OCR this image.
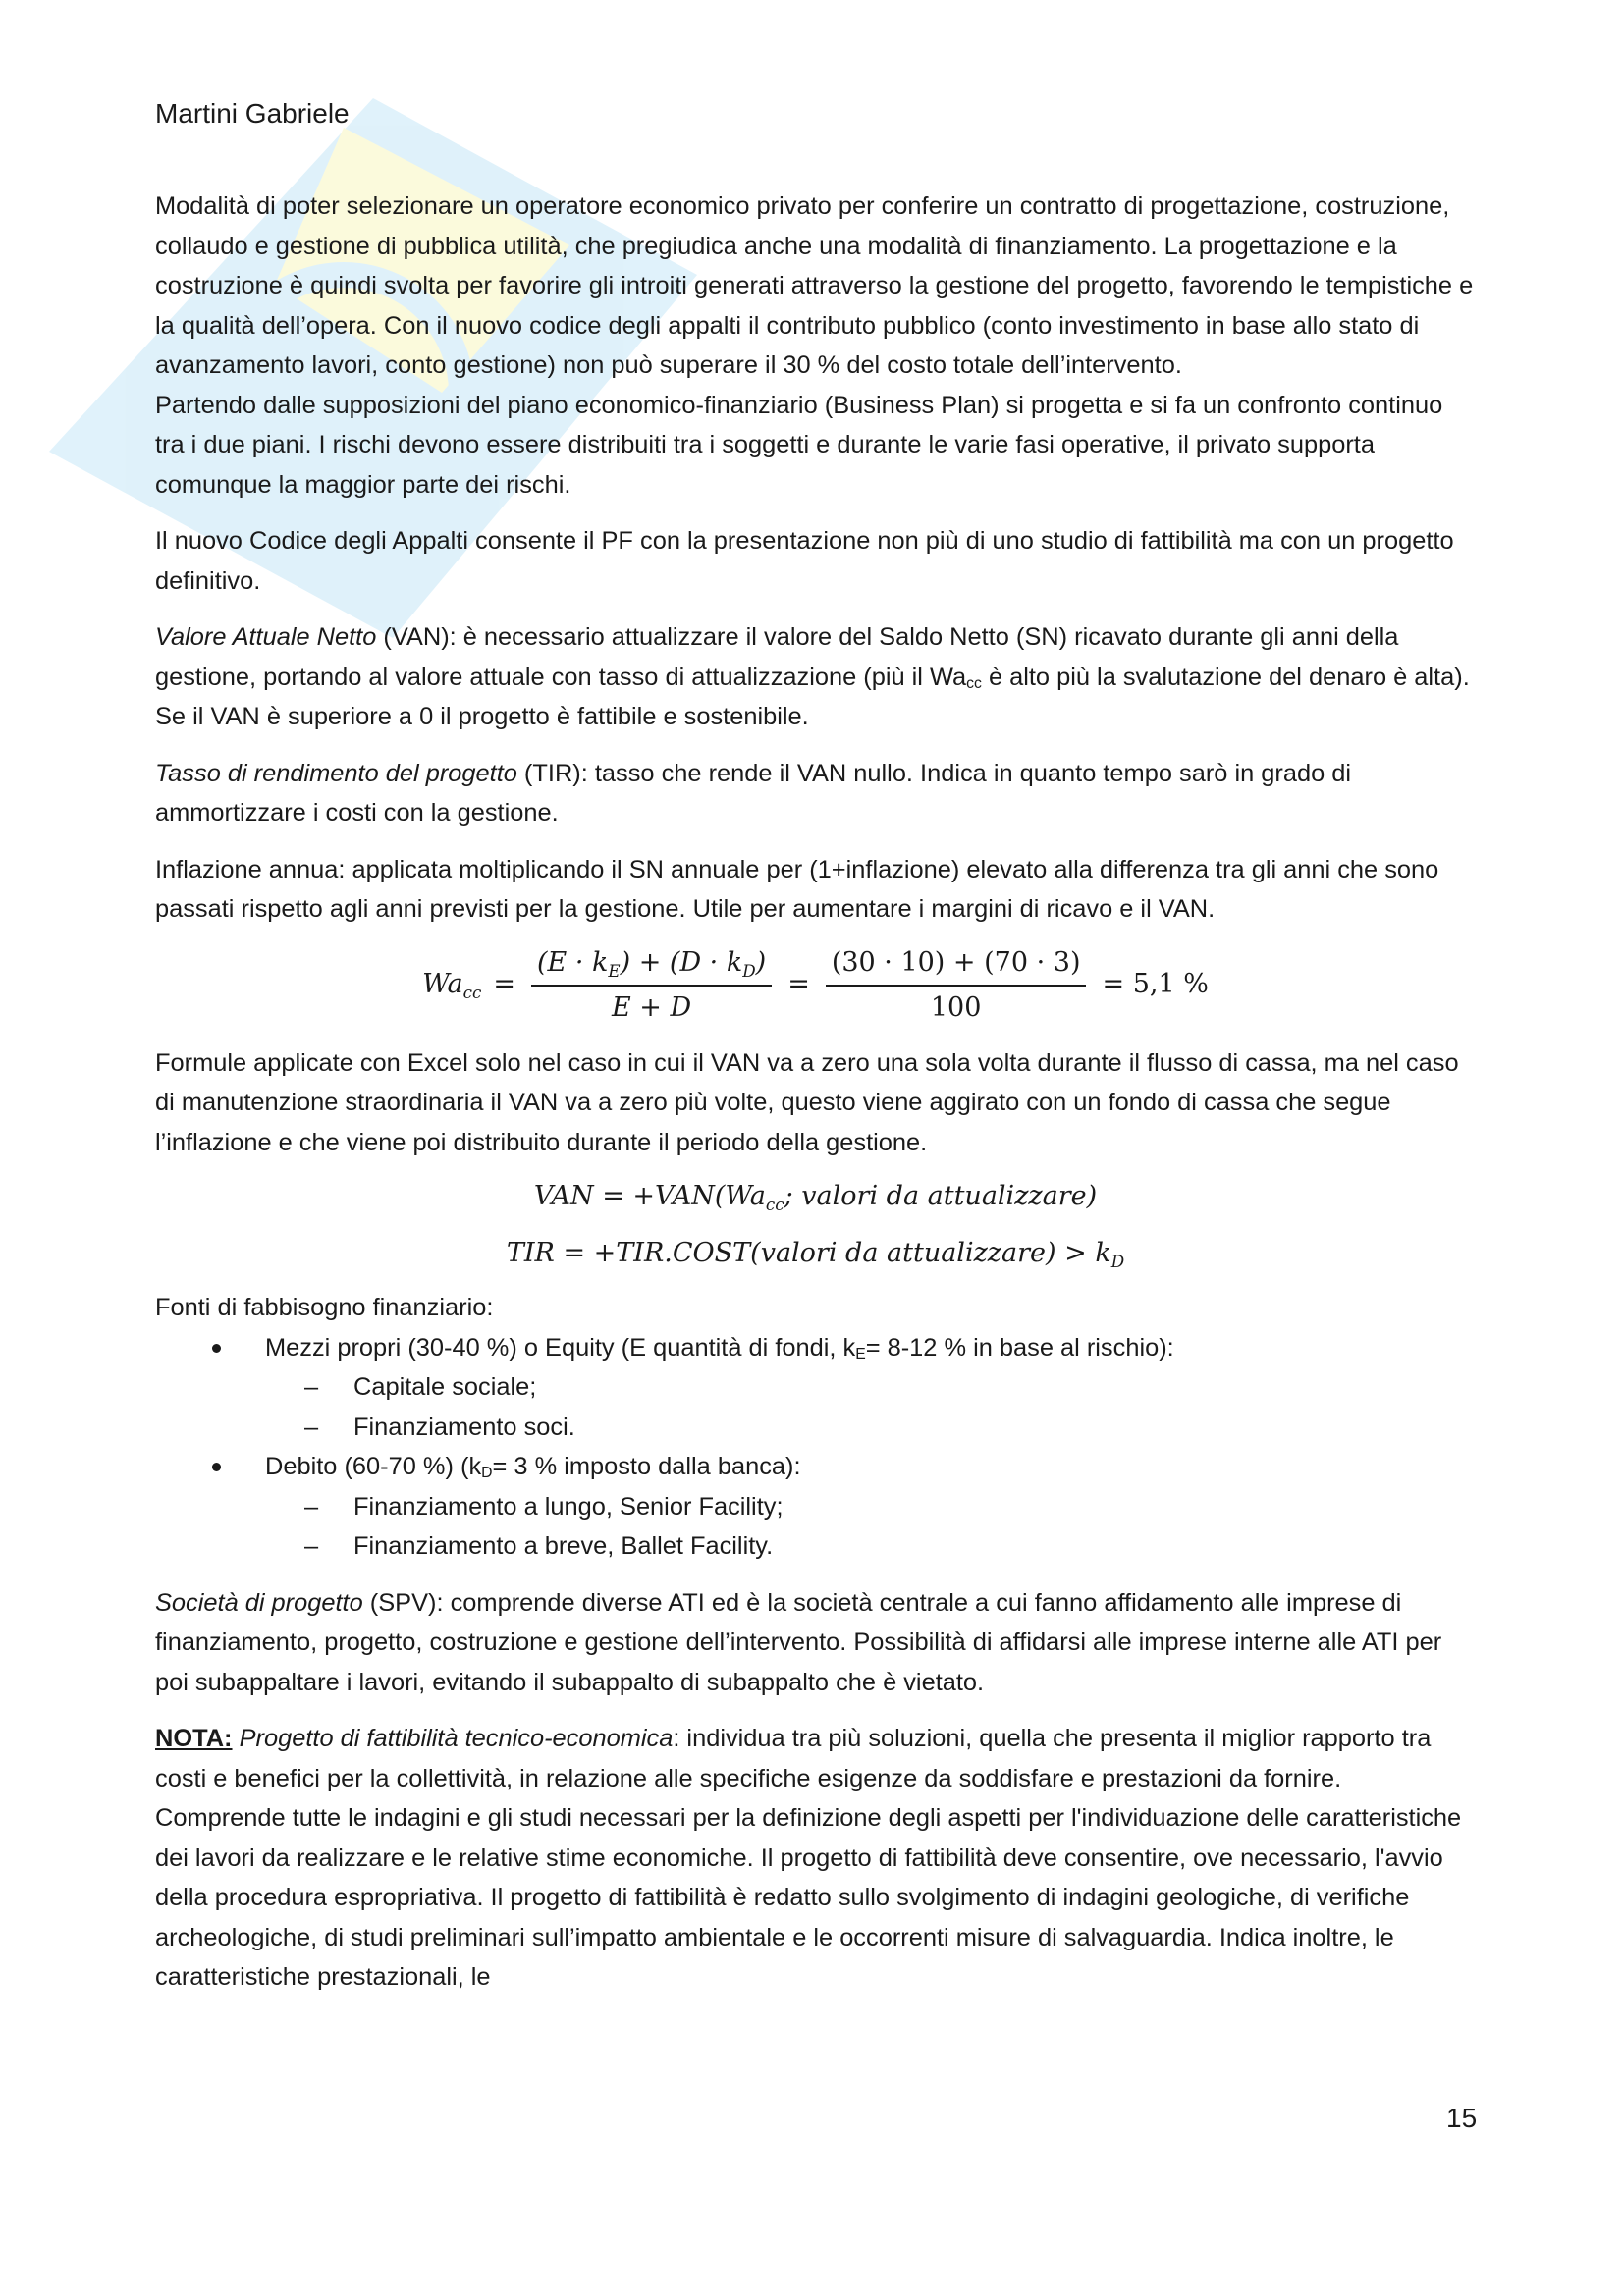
Martini Gabriele

Modalità di poter selezionare un operatore economico privato per conferire un contratto di progettazione, costruzione, collaudo e gestione di pubblica utilità, che pregiudica anche una modalità di finanziamento. La progettazione e la costruzione è quindi svolta per favorire gli introiti generati attraverso la gestione del progetto, favorendo le tempistiche e la qualità dell’opera. Con il nuovo codice degli appalti il contributo pubblico (conto investimento in base allo stato di avanzamento lavori, conto gestione) non può superare il 30 % del costo totale dell’intervento.

Partendo dalle supposizioni del piano economico-finanziario (Business Plan) si progetta e si fa un confronto continuo tra i due piani. I rischi devono essere distribuiti tra i soggetti e durante le varie fasi operative, il privato supporta comunque la maggior parte dei rischi.

Il nuovo Codice degli Appalti consente il PF con la presentazione non più di uno studio di fattibilità ma con un progetto definitivo.

Valore Attuale Netto (VAN): è necessario attualizzare il valore del Saldo Netto (SN) ricavato durante gli anni della gestione, portando al valore attuale con tasso di attualizzazione (più il Wacc è alto più la svalutazione del denaro è alta). Se il VAN è superiore a 0 il progetto è fattibile e sostenibile.

Tasso di rendimento del progetto (TIR): tasso che rende il VAN nullo. Indica in quanto tempo sarò in grado di ammortizzare i costi con la gestione.

Inflazione annua: applicata moltiplicando il SN annuale per (1+inflazione) elevato alla differenza tra gli anni che sono passati rispetto agli anni previsti per la gestione. Utile per aumentare i margini di ricavo e il VAN.

$Wa_{cc} = \frac{(E \cdot k_E) + (D \cdot k_D)}{E + D} = \frac{(30 \cdot 10) + (70 \cdot 3)}{100} = 5,1$ %

Formule applicate con Excel solo nel caso in cui il VAN va a zero una sola volta durante il flusso di cassa, ma nel caso di manutenzione straordinaria il VAN va a zero più volte, questo viene aggirato con un fondo di cassa che segue l’inflazione e che viene poi distribuito durante il periodo della gestione.

VAN = $+VAN(Wa_{cc}$; valori da attualizzare)
TIR = +TIR.COST(valori da attualizzare) > $k_D$

Fonti di fabbisogno finanziario:

Mezzi propri (30-40 %) o Equity (E quantità di fondi, kE= 8-12 % in base al rischio):
– Capitale sociale;
– Finanziamento soci.
Debito (60-70 %) (kD= 3 % imposto dalla banca):
– Finanziamento a lungo, Senior Facility;
– Finanziamento a breve, Ballet Facility.

Società di progetto (SPV): comprende diverse ATI ed è la società centrale a cui fanno affidamento alle imprese di finanziamento, progetto, costruzione e gestione dell’intervento. Possibilità di affidarsi alle imprese interne alle ATI per poi subappaltare i lavori, evitando il subappalto di subappalto che è vietato.

NOTA: Progetto di fattibilità tecnico-economica: individua tra più soluzioni, quella che presenta il miglior rapporto tra costi e benefici per la collettività, in relazione alle specifiche esigenze da soddisfare e prestazioni da fornire. Comprende tutte le indagini e gli studi necessari per la definizione degli aspetti per l'individuazione delle caratteristiche dei lavori da realizzare e le relative stime economiche. Il progetto di fattibilità deve consentire, ove necessario, l'avvio della procedura espropriativa. Il progetto di fattibilità è redatto sullo svolgimento di indagini geologiche, di verifiche archeologiche, di studi preliminari sull’impatto ambientale e le occorrenti misure di salvaguardia. Indica inoltre, le caratteristiche prestazionali, le

15
